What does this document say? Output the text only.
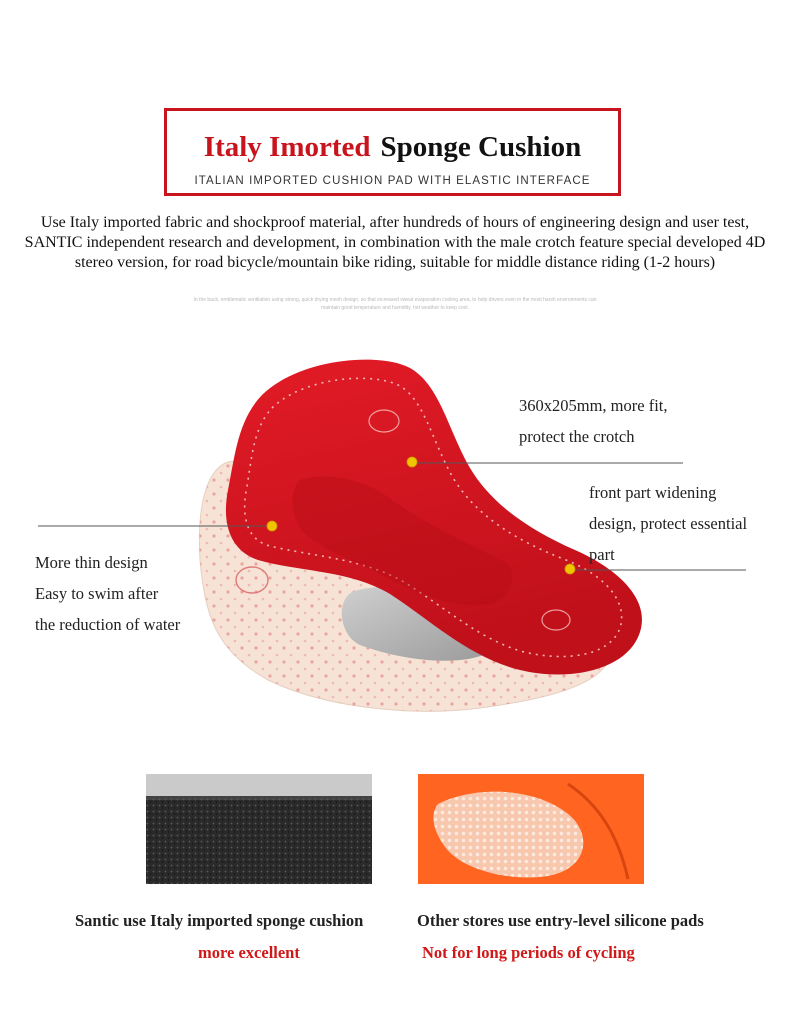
Italy Imorted Sponge Cushion
ITALIAN IMPORTED CUSHION PAD WITH ELASTIC INTERFACE
Use Italy imported fabric and shockproof material, after hundreds of hours of engineering design and user test, SANTIC independent research and development, in combination with the male crotch feature special developed 4D stereo version, for road bicycle/mountain bike riding, suitable for middle distance riding (1-2 hours)
In the back, emblematic ventilation using strong, quick drying mesh design, so that increased sweat evaporation cooling area, to help drivers even in the most harsh environments can maintain good temperature and humidity, hot weather to keep cool.
360x205mm, more fit,
protect the crotch
front part widening
design, protect essential
part
More thin design
Easy to swim after
the reduction of water
Santic use Italy imported sponge cushion	Other stores use entry-level silicone pads
more excellent	Not for long periods of cycling
